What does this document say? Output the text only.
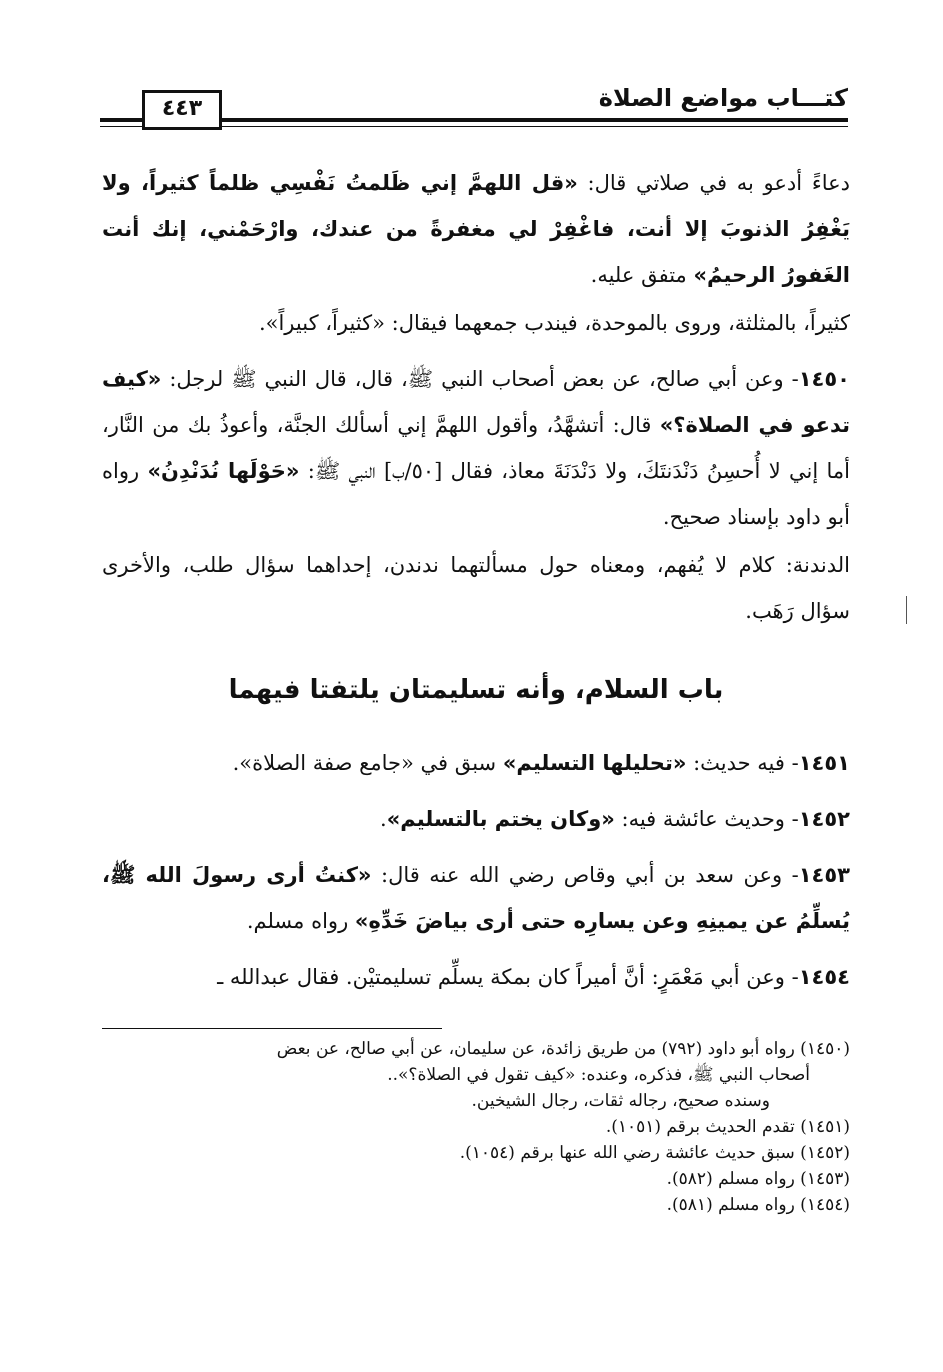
كتـــاب مواضع الصلاة
٤٤٣

دعاءً أدعو به في صلاتي قال: «قل اللهمَّ إني ظَلمتُ نَفْسِي ظلماً كثيراً، ولا يَغْفِرُ الذنوبَ إلا أنت، فاغْفِرْ لي مغفرةً من عندك، وارْحَمْني، إنك أنت الغَفورُ الرحيمُ» متفق عليه.

كثيراً، بالمثلثة، وروى بالموحدة، فيندب جمعهما فيقال: «كثيراً، كبيراً».

١٤٥٠- وعن أبي صالح، عن بعض أصحاب النبي ﷺ، قال، قال النبي ﷺ لرجل: «كيف تدعو في الصلاة؟» قال: أتشهَّدُ، وأقول اللهمَّ إني أسألك الجنَّة، وأعوذُ بك من النَّار، أما إني لا أُحسِنُ دَنْدَنتَكَ، ولا دَنْدَنَةَ معاذ، فقال [٥٠/ب] النبي ﷺ: «حَوْلَها نُدَنْدِنُ» رواه أبو داود بإسناد صحيح.

الدندنة: كلام لا يُفهم، ومعناه حول مسألتهما ندندن، إحداهما سؤال طلب، والأخرى سؤال رَهَب.

باب السلام، وأنه تسليمتان يلتفتا فيهما

١٤٥١- فيه حديث: «تحليلها التسليم» سبق في «جامع صفة الصلاة».

١٤٥٢- وحديث عائشة فيه: «وكان يختم بالتسليم».

١٤٥٣- وعن سعد بن أبي وقاص رضي الله عنه قال: «كنتُ أرى رسولَ الله ﷺ، يُسلِّمُ عن يمينِهِ وعن يسارِه حتى أرى بياضَ خَدِّهِ» رواه مسلم.

١٤٥٤- وعن أبي مَعْمَرٍ: أنَّ أميراً كان بمكة يسلِّم تسليمتيْن. فقال عبدالله ـ

(١٤٥٠) رواه أبو داود (٧٩٢) من طريق زائدة، عن سليمان، عن أبي صالح، عن بعض

أصحاب النبي ﷺ، فذكره، وعنده: «كيف تقول في الصلاة؟»..

وسنده صحيح، رجاله ثقات، رجال الشيخين.

(١٤٥١) تقدم الحديث برقم (١٠٥١).

(١٤٥٢) سبق حديث عائشة رضي الله عنها برقم (١٠٥٤).

(١٤٥٣) رواه مسلم (٥٨٢).

(١٤٥٤) رواه مسلم (٥٨١).
